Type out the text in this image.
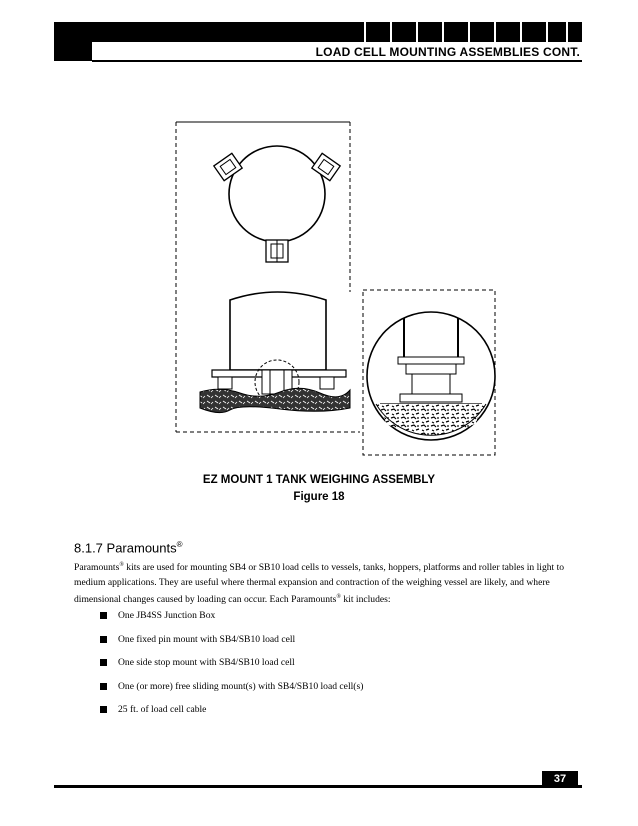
LOAD CELL MOUNTING ASSEMBLIES CONT.
EZ MOUNT 1 TANK WEIGHING ASSEMBLY
Figure 18
8.1.7 Paramounts®
Paramounts® kits are used for mounting SB4 or SB10 load cells to vessels, tanks, hoppers, platforms and roller tables in light to medium applications. They are useful where thermal expansion and contraction of the weighing vessel are likely, and where dimensional changes caused by loading can occur. Each Paramounts® kit includes:
One JB4SS Junction Box
One fixed pin mount with SB4/SB10 load cell
One side stop mount with SB4/SB10 load cell
One (or more) free sliding mount(s) with SB4/SB10 load cell(s)
25 ft. of load cell cable
37
